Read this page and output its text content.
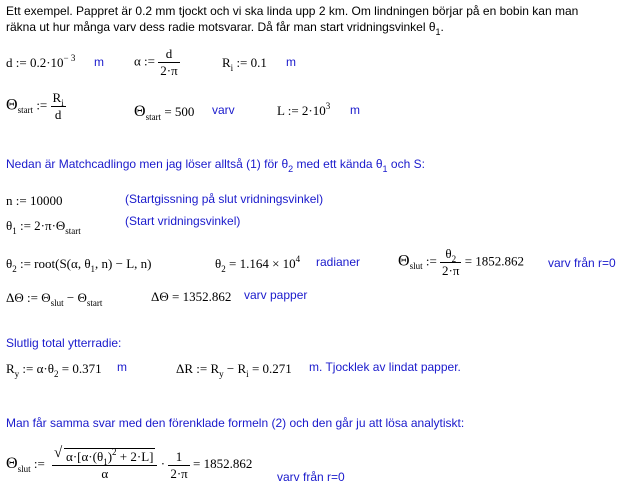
Ett exempel. Pappret är 0.2 mm tjockt och vi ska linda upp 2 km. Om lindningen börjar på en bobin kan man
räkna ut hur många varv dess radie motsvarar. Då får man start vridningsvinkel $\theta_1$.
d := $0.2\cdot 10^{- 3}$ m α := $\frac{d}{2\cdot\pi}$	$R_i$ := 0.1 m
$\Theta_{start}$ := $\frac{R_i}{d}$	$\Theta_{start} = 500$ varv	L := $2\cdot 10^3$ m
Nedan är Matchcadlingo men jag löser alltså (1) för $\theta_2$ med ett kända $\theta_1$ och S:
n := 10000	(Startgissning på slut vridningsvinkel)
$\theta_1$ := $2\cdot\pi\cdot\Theta_{start}$
(Start vridningsvinkel)
$\theta_2$ := root(S(α, $\theta_1$, n) − L, n)	$\theta_2 = 1.164 \times 10^4$ radianer $\Theta_{slut}$ := $\frac{\theta_2}{2\cdot\pi} = 1852.862$ varv från r=0
ΔΘ := $\Theta_{slut} - \Theta_{start}$	ΔΘ = 1352.862 varv papper
Slutlig total ytterradie:
$R_y$ := $\alpha\cdot\theta_2 = 0.371$ m	ΔR := $R_y - R_i = 0.271$ m. Tjocklek av lindat papper.
Man får samma svar med den förenklade formeln (2) och den går ju att lösa analytiskt:
$\Theta_{slut}$ :=
√ $\frac{\alpha\cdot[\alpha\cdot(\theta_1)^2 + 2\cdot L]}{\alpha} \cdot \frac{1}{2\cdot\pi} = 1852.862$
varv från r=0
